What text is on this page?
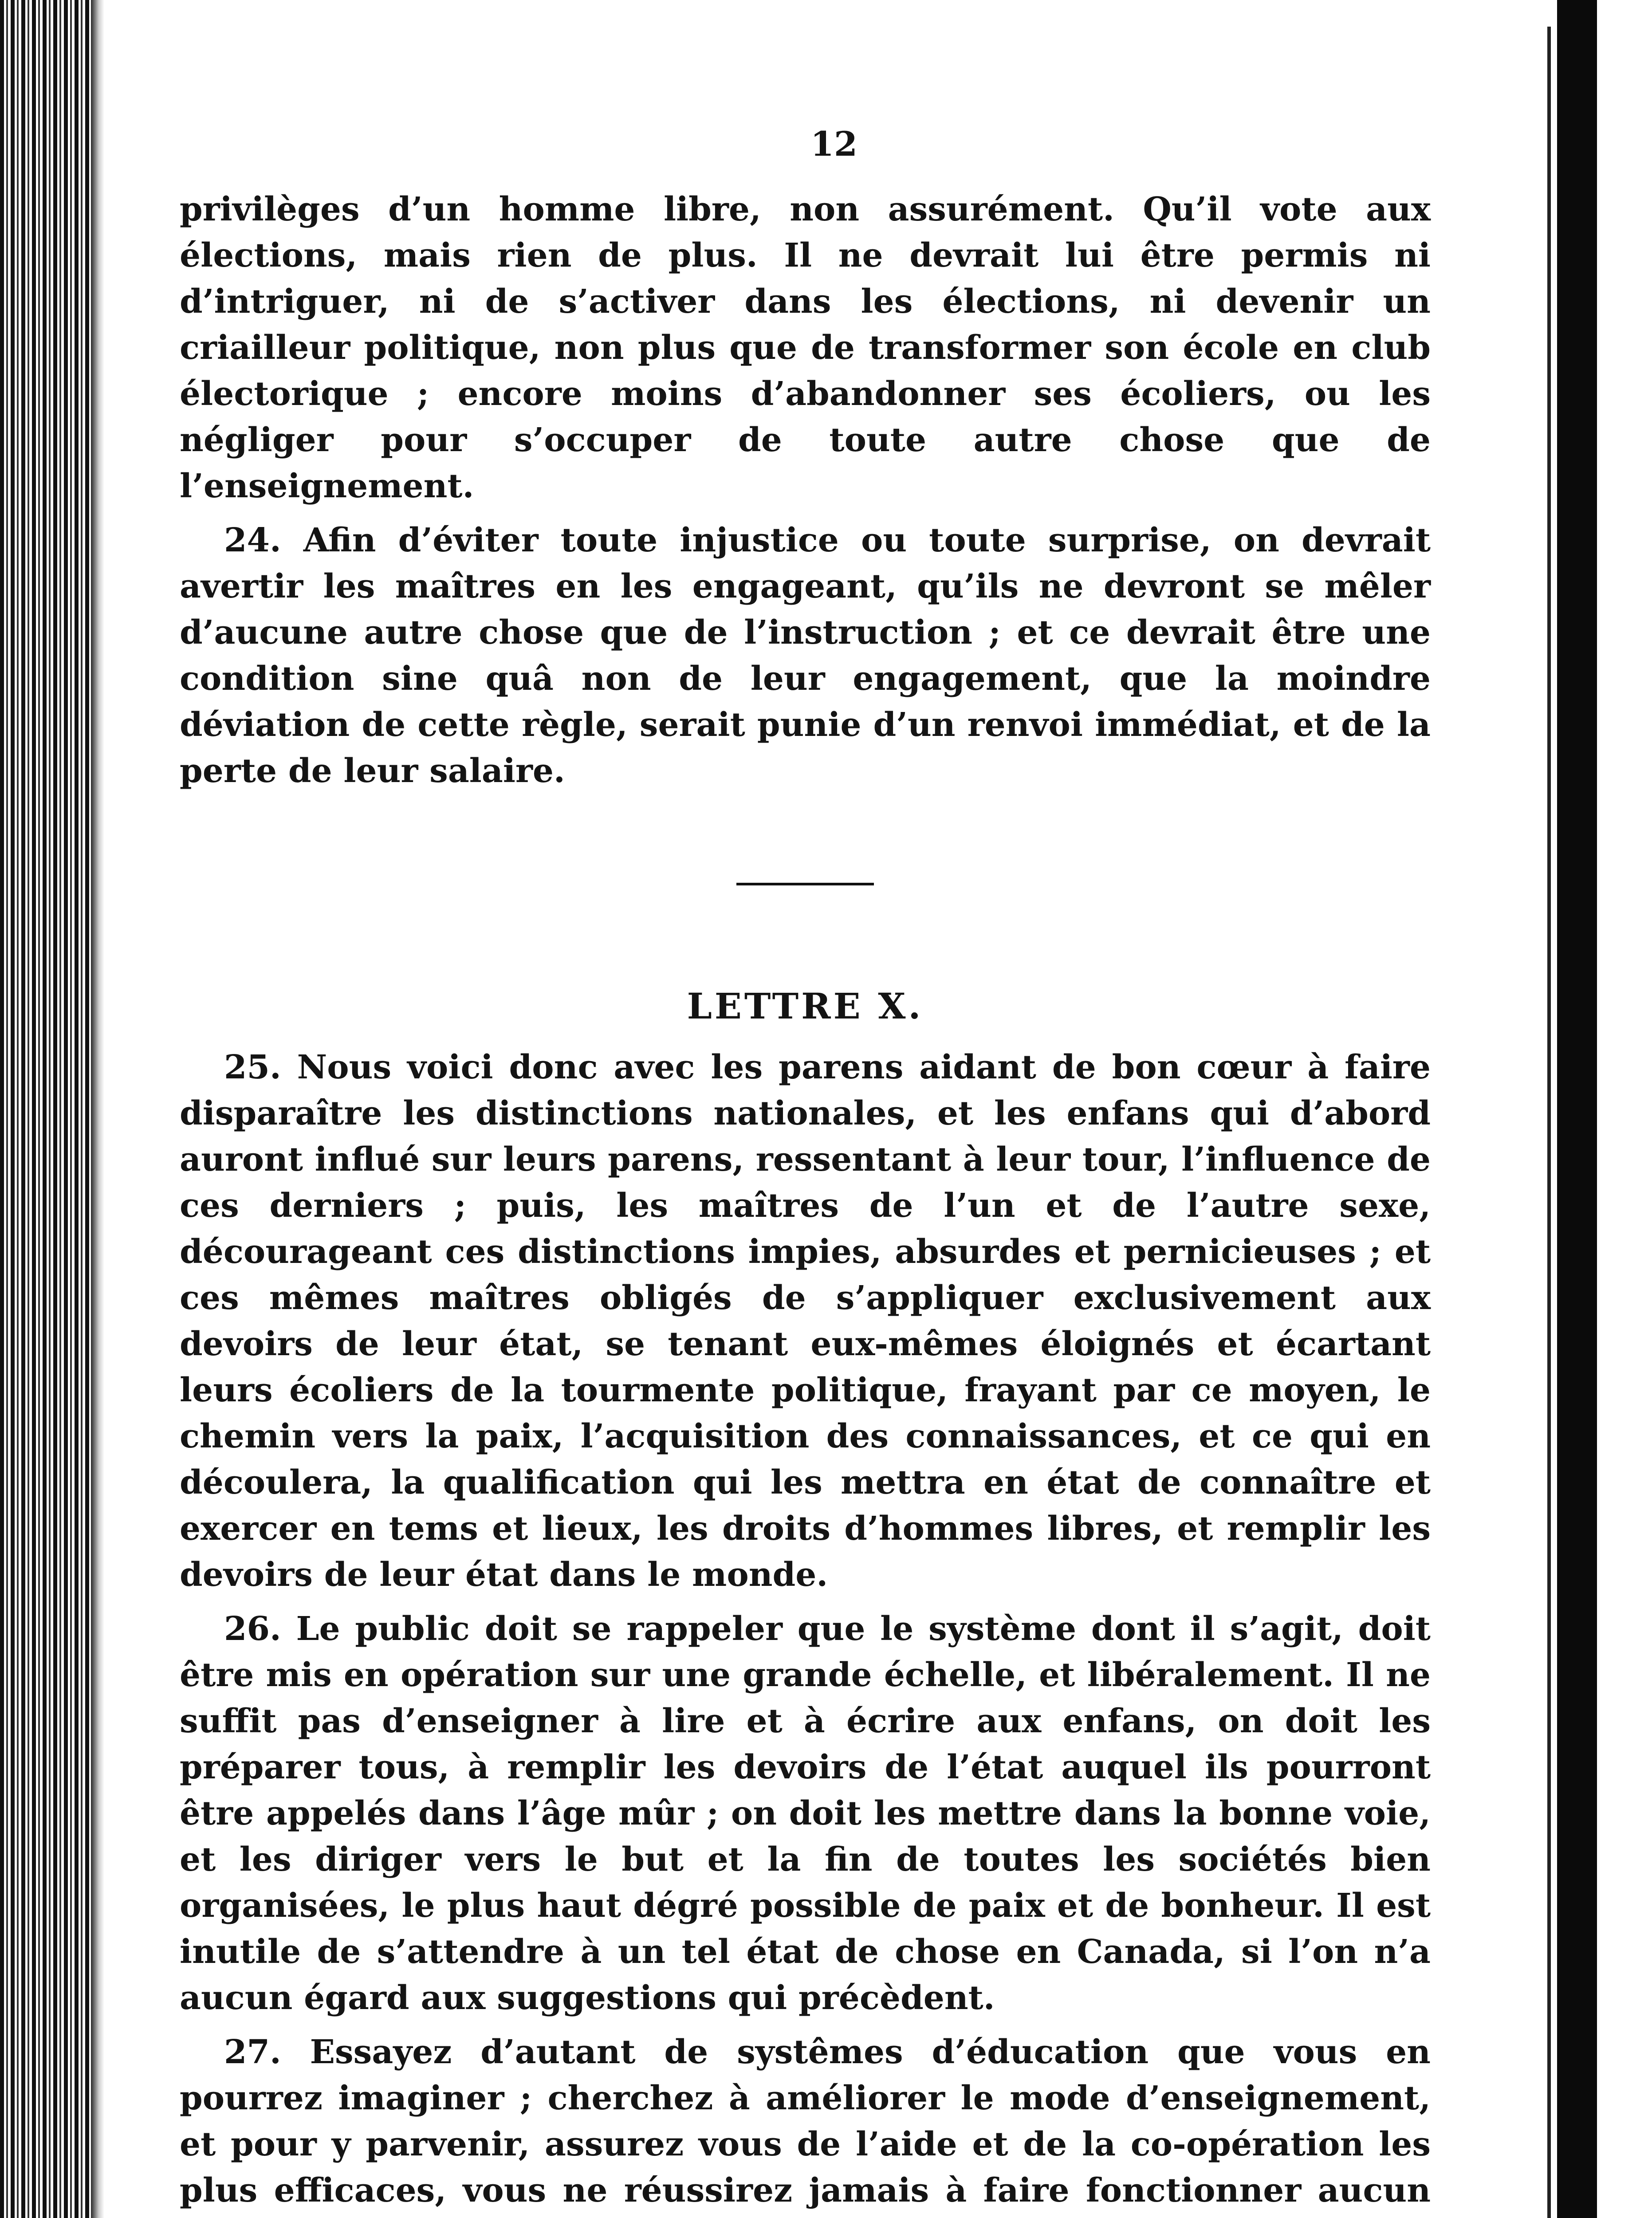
12

privilèges d’un homme libre, non assurément. Qu’il vote aux élections, mais rien de plus. Il ne devrait lui être permis ni d’intriguer, ni de s’activer dans les élections, ni devenir un criailleur politique, non plus que de transformer son école en club électorique ; encore moins d’abandonner ses écoliers, ou les négliger pour s’occuper de toute autre chose que de l’enseignement.

24. Afin d’éviter toute injustice ou toute surprise, on devrait avertir les maîtres en les engageant, qu’ils ne devront se mêler d’aucune autre chose que de l’instruction ; et ce devrait être une condition sine quâ non de leur engagement, que la moindre déviation de cette règle, serait punie d’un renvoi immédiat, et de la perte de leur salaire.

LETTRE X.

25. Nous voici donc avec les parens aidant de bon cœur à faire disparaître les distinctions nationales, et les enfans qui d’abord auront influé sur leurs parens, ressentant à leur tour, l’influence de ces derniers ; puis, les maîtres de l’un et de l’autre sexe, décourageant ces distinctions impies, absurdes et pernicieuses ; et ces mêmes maîtres obligés de s’appliquer exclusivement aux devoirs de leur état, se tenant eux-mêmes éloignés et écartant leurs écoliers de la tourmente politique, frayant par ce moyen, le chemin vers la paix, l’acquisition des connaissances, et ce qui en découlera, la qualification qui les mettra en état de connaître et exercer en tems et lieux, les droits d’hommes libres, et remplir les devoirs de leur état dans le monde.

26. Le public doit se rappeler que le système dont il s’agit, doit être mis en opération sur une grande échelle, et libéralement. Il ne suffit pas d’enseigner à lire et à écrire aux enfans, on doit les préparer tous, à remplir les devoirs de l’état auquel ils pourront être appelés dans l’âge mûr ; on doit les mettre dans la bonne voie, et les diriger vers le but et la fin de toutes les sociétés bien organisées, le plus haut dégré possible de paix et de bonheur. Il est inutile de s’attendre à un tel état de chose en Canada, si l’on n’a aucun égard aux suggestions qui précèdent.

27. Essayez d’autant de systêmes d’éducation que vous en pourrez imaginer ; cherchez à améliorer le mode d’enseignement, et pour y parvenir, assurez vous de l’aide et de la co-opération les plus efficaces, vous ne réussirez jamais à faire fonctionner aucun
